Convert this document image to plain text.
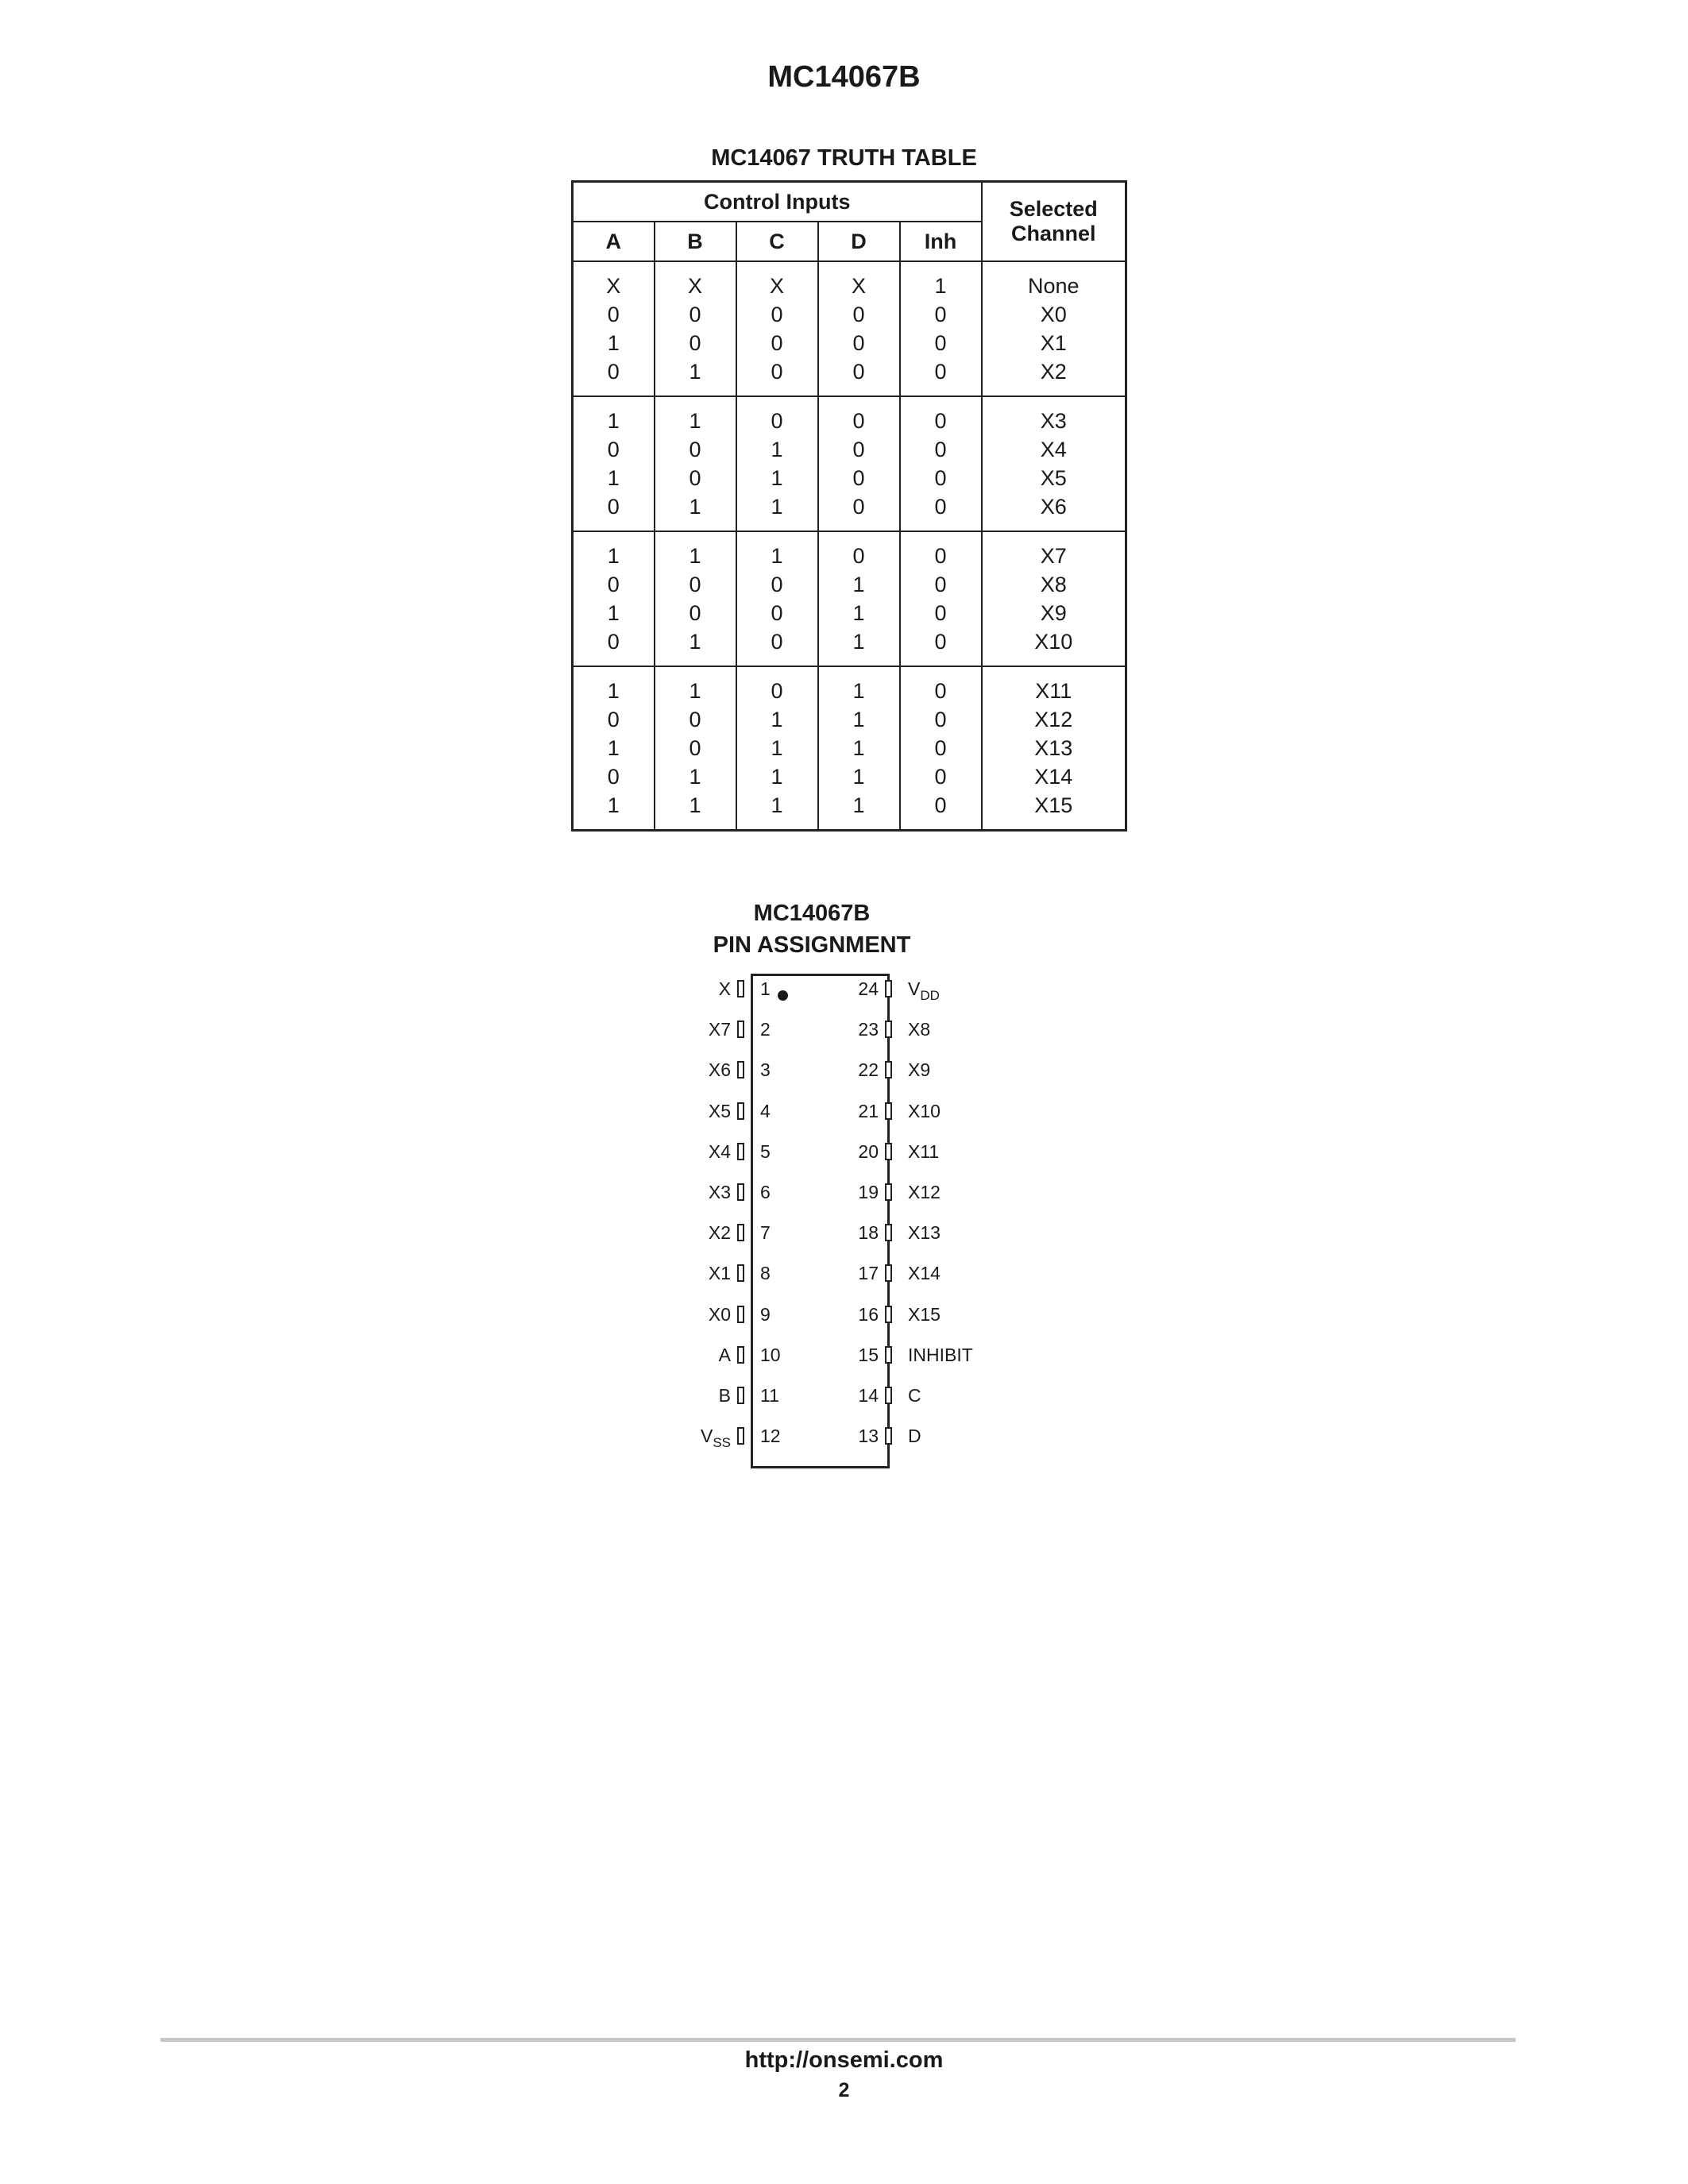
MC14067B
MC14067 TRUTH TABLE
Control Inputs					Selected
Channel
A	B	C	D	Inh	
X	X	X	X	1	None
0	0	0	0	0	X0
1	0	0	0	0	X1
0	1	0	0	0	X2
1	1	0	0	0	X3
0	0	1	0	0	X4
1	0	1	0	0	X5
0	1	1	0	0	X6
1	1	1	0	0	X7
0	0	0	1	0	X8
1	0	0	1	0	X9
0	1	0	1	0	X10
1	1	0	1	0	X11
0	0	1	1	0	X12
1	0	1	1	0	X13
0	1	1	1	0	X14
1	1	1	1	0	X15
MC14067B
PIN ASSIGNMENT
1
X
2
X7
3
X6
4
X5
5
X4
6
X3
7
X2
8
X1
9
X0
10
A
11
B
12
$V_{SS}$
24 $V_{DD}$
23 X8
22 X9
21 X10
20 X11
19 X12
18 X13
17 X14
16 X15
15 INHIBIT
14 C
13 D
http://onsemi.com
2
